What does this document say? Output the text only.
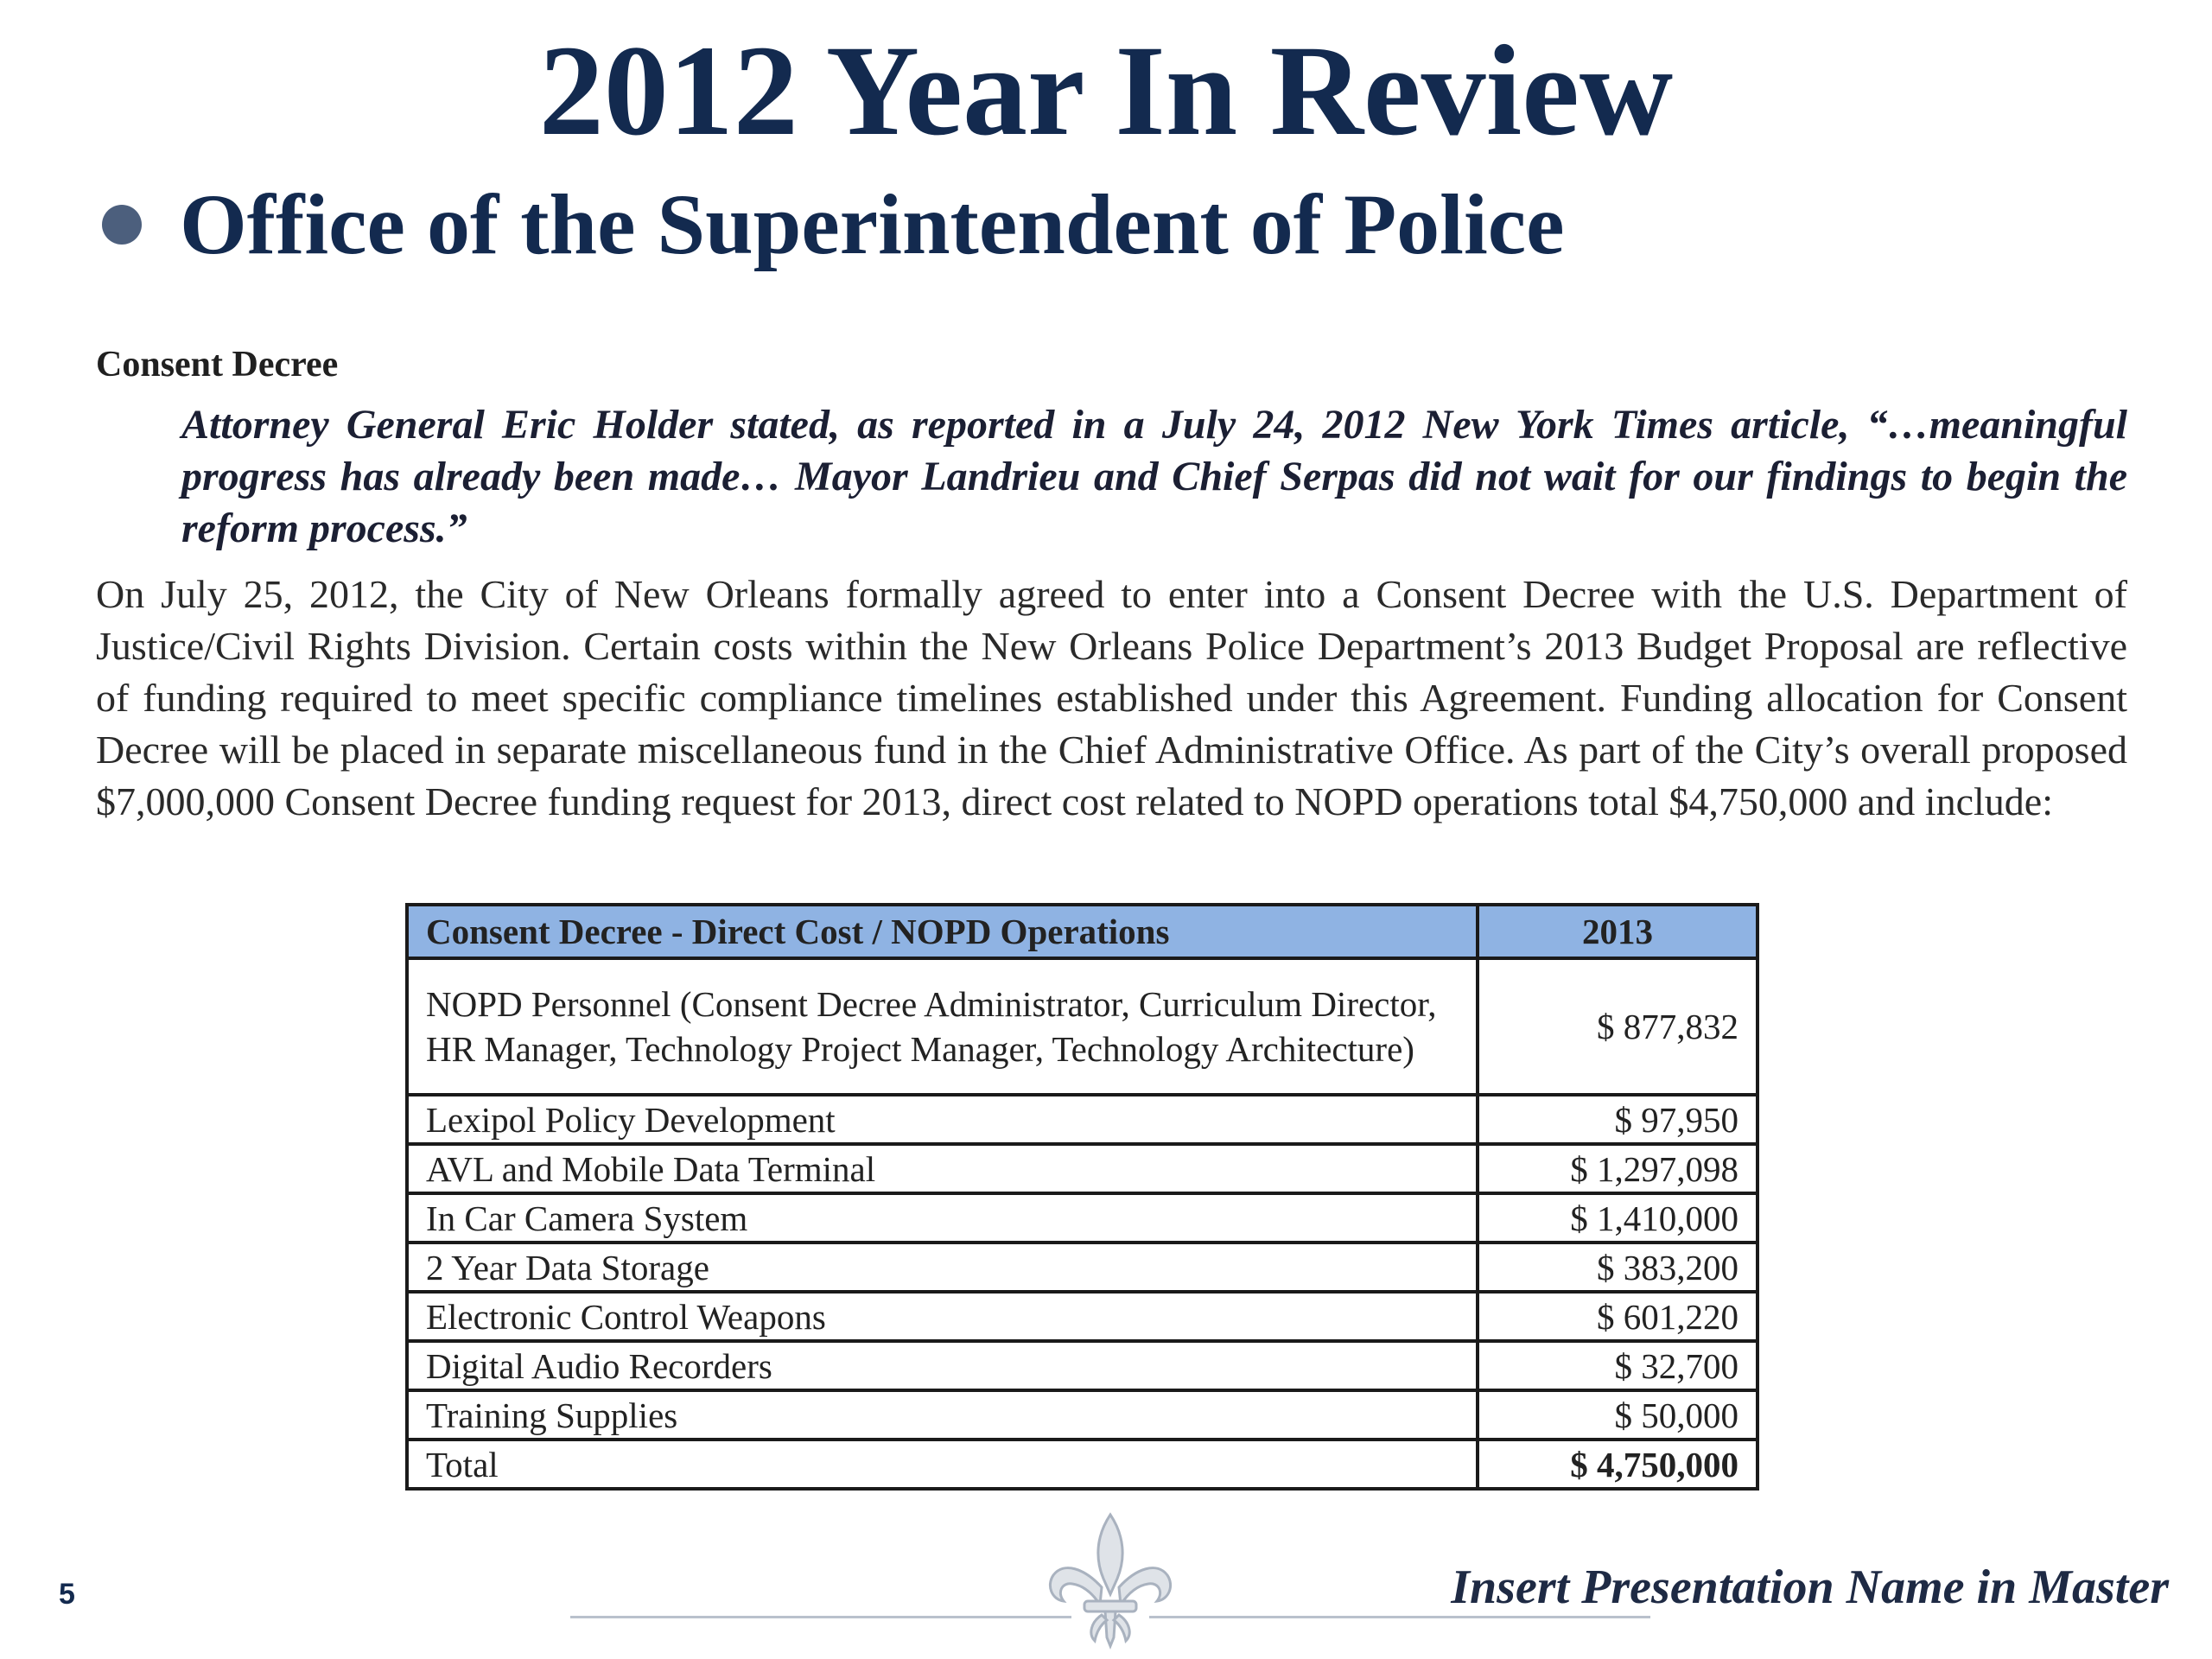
2012 Year In Review
Office of the Superintendent of Police
Consent Decree
Attorney General Eric Holder stated, as reported in a July 24, 2012 New York Times article, “…meaningful progress has already been made… Mayor Landrieu and Chief Serpas did not wait for our findings to begin the reform process.”
On July 25, 2012, the City of New Orleans formally agreed to enter into a Consent Decree with the U.S. Department of Justice/Civil Rights Division. Certain costs within the New Orleans Police Department’s 2013 Budget Proposal are reflective of funding required to meet specific compliance timelines established under this Agreement. Funding allocation for Consent Decree will be placed in separate miscellaneous fund in the Chief Administrative Office. As part of the City’s overall proposed $7,000,000 Consent Decree funding request for 2013, direct cost related to NOPD operations total $4,750,000 and include:
Consent Decree - Direct Cost / NOPD Operations	2013
NOPD Personnel (Consent Decree Administrator, Curriculum Director, HR Manager, Technology Project Manager, Technology Architecture)	$ 877,832
Lexipol Policy Development	$ 97,950
AVL and Mobile Data Terminal	$ 1,297,098
In Car Camera System	$ 1,410,000
2 Year Data Storage	$ 383,200
Electronic Control Weapons	$ 601,220
Digital Audio Recorders	$ 32,700
Training Supplies	$ 50,000
Total	$ 4,750,000
5	Insert Presentation Name in Master
